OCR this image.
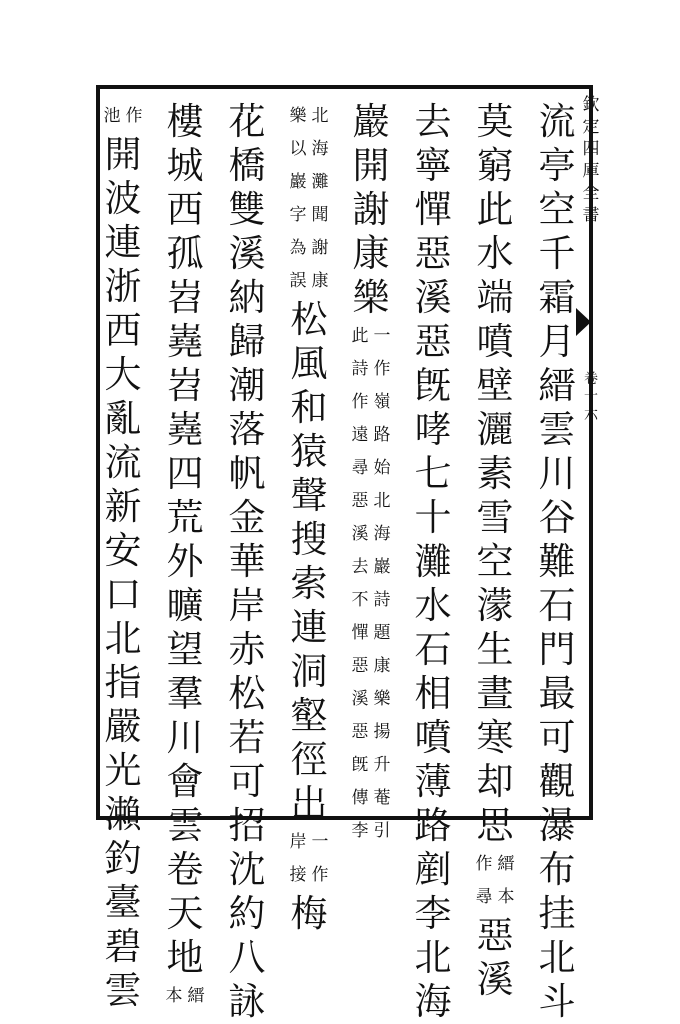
欽
定
四
庫
全
書
卷
十
六
流
亭
空
千
霜
月
縉
雲
川
谷
難
石
門
最
可
觀
瀑
布
挂
北
斗
莫
窮
此
水
端
噴
壁
灑
素
雪
空
濛
生
晝
寒
却
思
縉
本
作
尋
惡
溪
去
寧
憚
惡
溪
惡
旣
哮
七
十
灘
水
石
相
噴
薄
路
剷
李
北
海
巖
開
謝
康
樂
一
作
嶺
路
始
北
海
巖
詩
題
康
樂
揚
升
菴
引
此
詩
作
遠
尋
惡
溪
去
不
憚
惡
溪
惡
旣
傳
李
北
海
灘
聞
謝
康
樂
以
巖
字
為
誤
松
風
和
猿
聲
搜
索
連
洞
壑
徑
出
一
作
岸
接
梅
花
橋
雙
溪
納
歸
潮
落
帆
金
華
岸
赤
松
若
可
招
沈
約
八
詠
樓
城
西
孤
岧
嶤
岧
嶤
四
荒
外
曠
望
羣
川
會
雲
卷
天
地
縉
本
作
池
開
波
連
浙
西
大
亂
流
新
安
口
北
指
嚴
光
瀨
釣
臺
碧
雲
